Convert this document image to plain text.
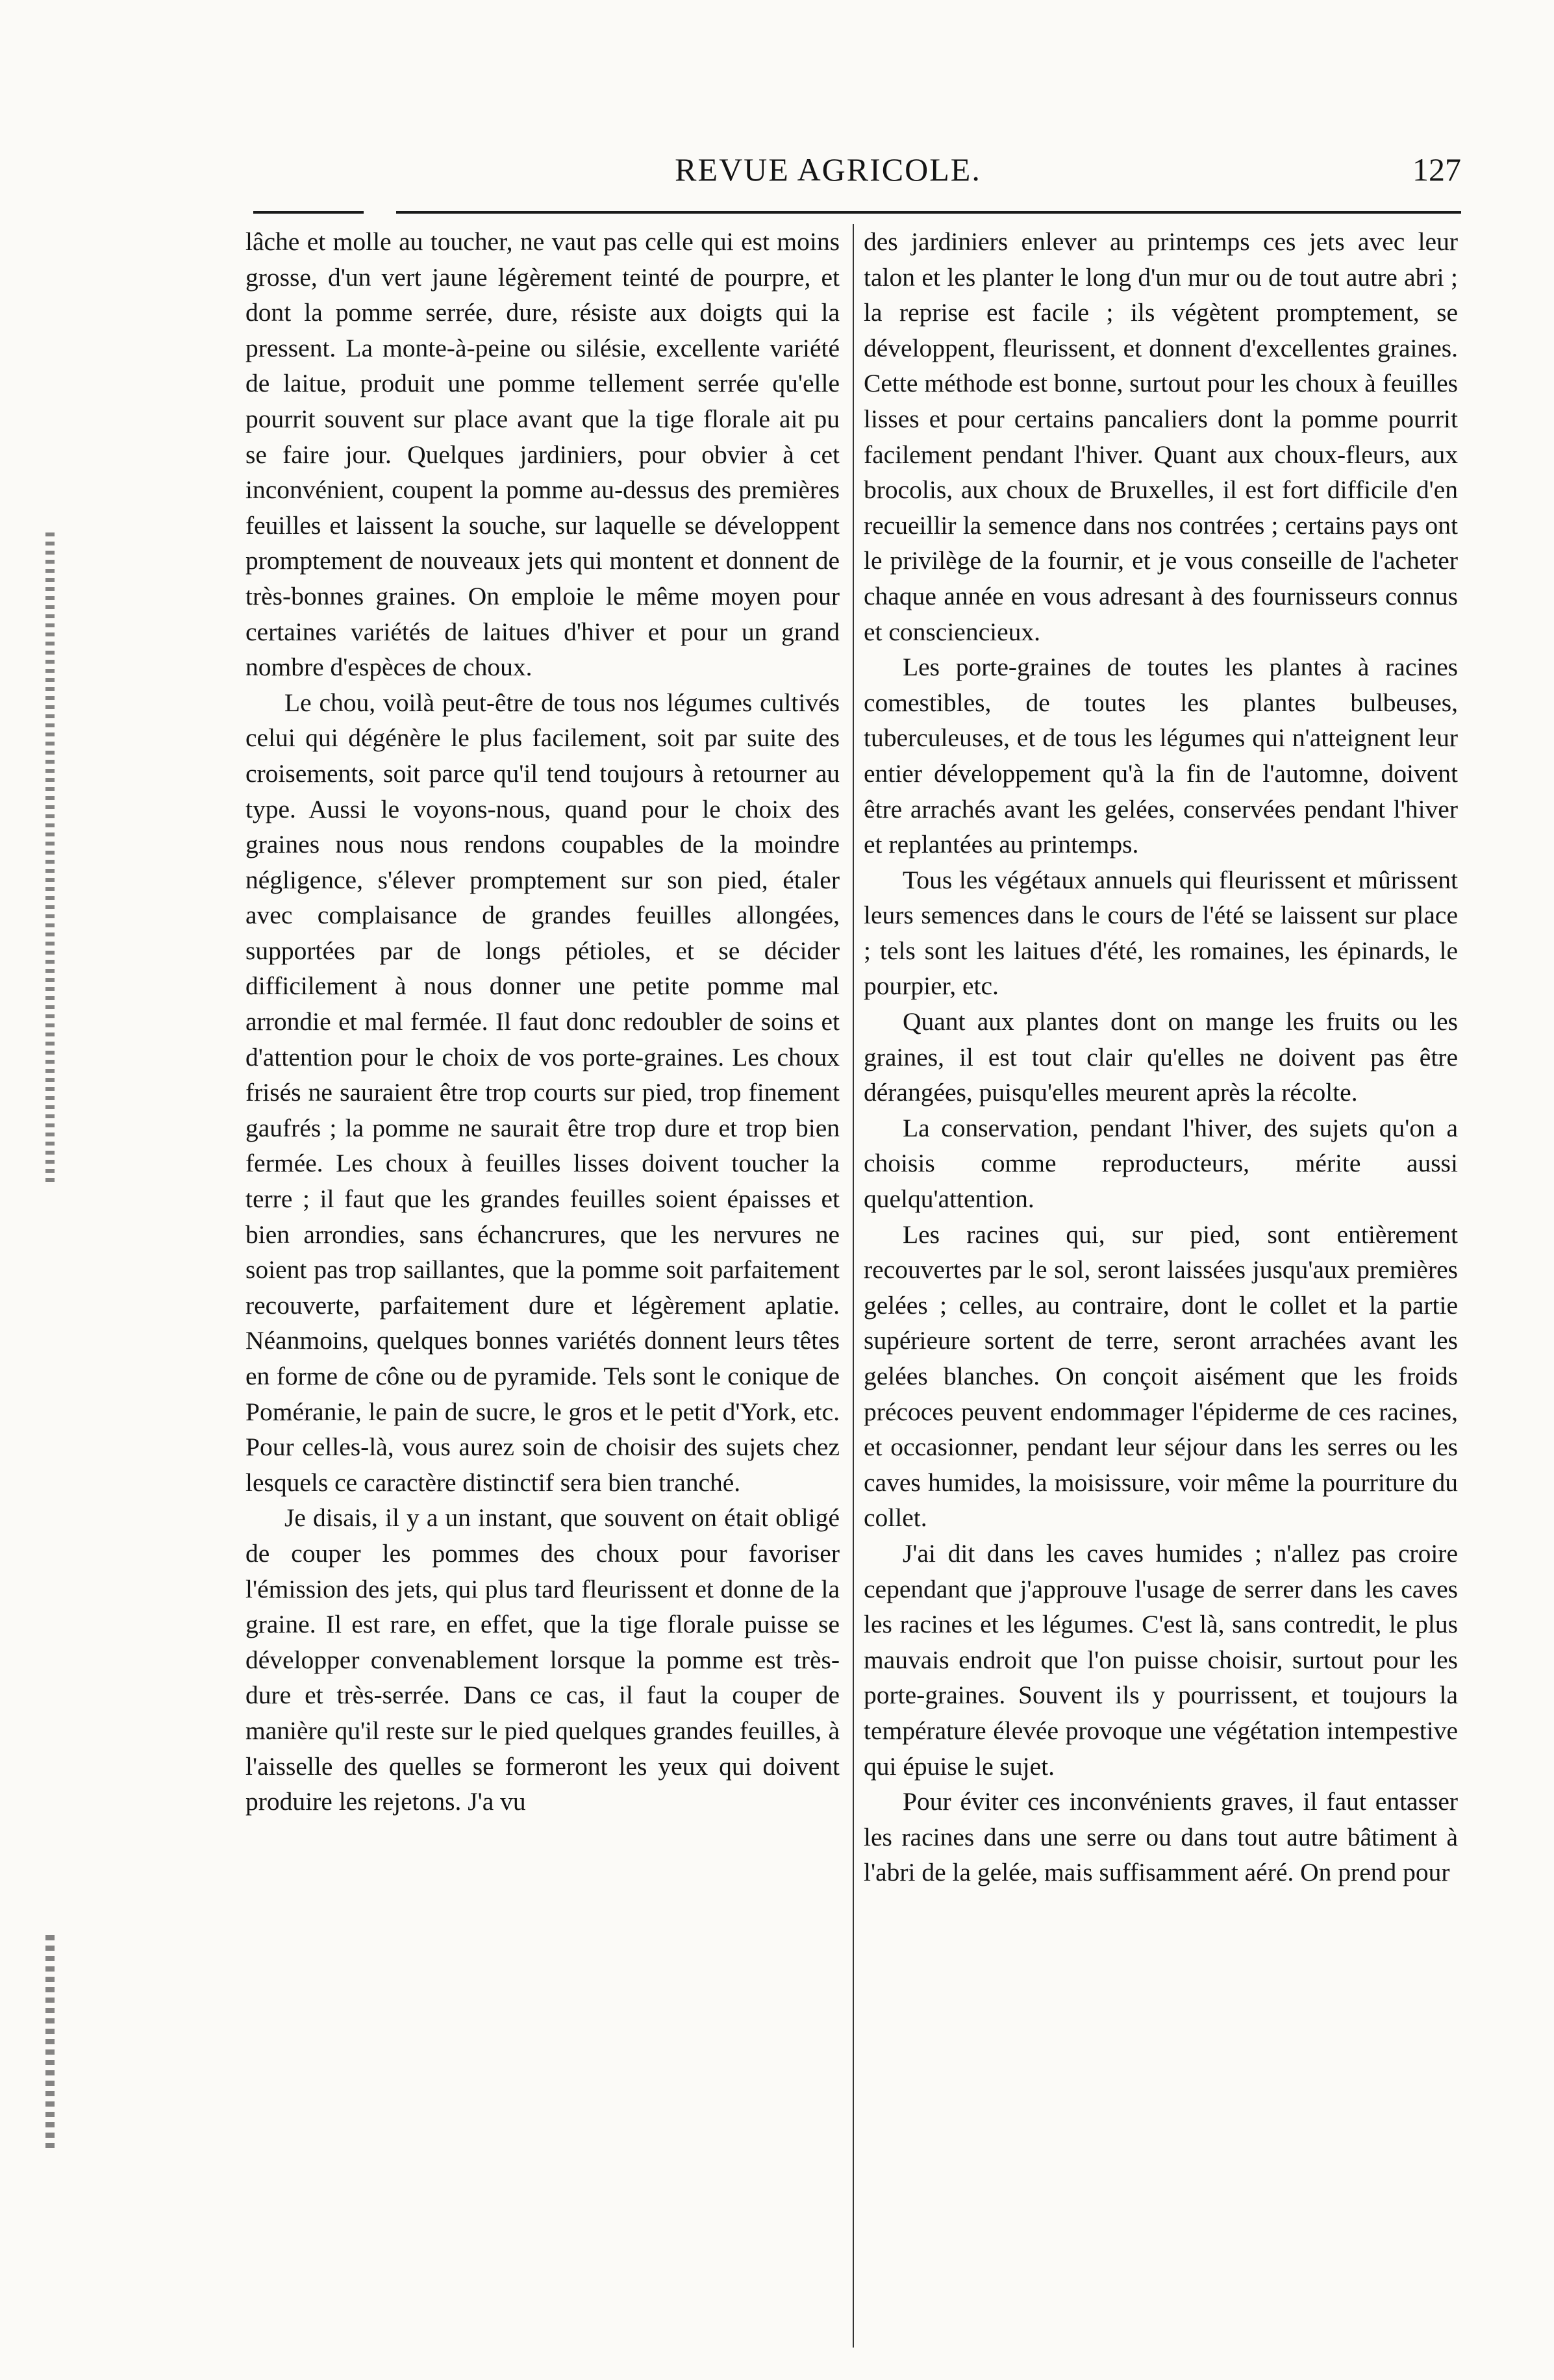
REVUE AGRICOLE.	127

lâche et molle au toucher, ne vaut pas celle qui est moins grosse, d'un vert jaune légèrement teinté de pourpre, et dont la pomme serrée, dure, résiste aux doigts qui la pressent. La monte-à-peine ou silésie, excellente variété de laitue, produit une pomme tellement serrée qu'elle pourrit souvent sur place avant que la tige florale ait pu se faire jour. Quelques jardiniers, pour obvier à cet inconvénient, coupent la pomme au-dessus des premières feuilles et laissent la souche, sur laquelle se développent promptement de nouveaux jets qui montent et donnent de très-bonnes graines. On emploie le même moyen pour certaines variétés de laitues d'hiver et pour un grand nombre d'espèces de choux.

Le chou, voilà peut-être de tous nos légumes cultivés celui qui dégénère le plus facilement, soit par suite des croisements, soit parce qu'il tend toujours à retourner au type. Aussi le voyons-nous, quand pour le choix des graines nous nous rendons coupables de la moindre négligence, s'élever promptement sur son pied, étaler avec complaisance de grandes feuilles allongées, supportées par de longs pétioles, et se décider difficilement à nous donner une petite pomme mal arrondie et mal fermée. Il faut donc redoubler de soins et d'attention pour le choix de vos porte-graines. Les choux frisés ne sauraient être trop courts sur pied, trop finement gaufrés ; la pomme ne saurait être trop dure et trop bien fermée. Les choux à feuilles lisses doivent toucher la terre ; il faut que les grandes feuilles soient épaisses et bien arrondies, sans échancrures, que les nervures ne soient pas trop saillantes, que la pomme soit parfaitement recouverte, parfaitement dure et légèrement aplatie. Néanmoins, quelques bonnes variétés donnent leurs têtes en forme de cône ou de pyramide. Tels sont le conique de Poméranie, le pain de sucre, le gros et le petit d'York, etc. Pour celles-là, vous aurez soin de choisir des sujets chez lesquels ce caractère distinctif sera bien tranché.

Je disais, il y a un instant, que souvent on était obligé de couper les pommes des choux pour favoriser l'émission des jets, qui plus tard fleurissent et donne de la graine. Il est rare, en effet, que la tige florale puisse se développer convenablement lorsque la pomme est très-dure et très-serrée. Dans ce cas, il faut la couper de manière qu'il reste sur le pied quelques grandes feuilles, à l'aisselle des quelles se formeront les yeux qui doivent produire les rejetons. J'a vu

des jardiniers enlever au printemps ces jets avec leur talon et les planter le long d'un mur ou de tout autre abri ; la reprise est facile ; ils végètent promptement, se développent, fleurissent, et donnent d'excellentes graines. Cette méthode est bonne, surtout pour les choux à feuilles lisses et pour certains pancaliers dont la pomme pourrit facilement pendant l'hiver. Quant aux choux-fleurs, aux brocolis, aux choux de Bruxelles, il est fort difficile d'en recueillir la semence dans nos contrées ; certains pays ont le privilège de la fournir, et je vous conseille de l'acheter chaque année en vous adresant à des fournisseurs connus et consciencieux.

Les porte-graines de toutes les plantes à racines comestibles, de toutes les plantes bulbeuses, tuberculeuses, et de tous les légumes qui n'atteignent leur entier développement qu'à la fin de l'automne, doivent être arrachés avant les gelées, conservées pendant l'hiver et replantées au printemps.

Tous les végétaux annuels qui fleurissent et mûrissent leurs semences dans le cours de l'été se laissent sur place ; tels sont les laitues d'été, les romaines, les épinards, le pourpier, etc.

Quant aux plantes dont on mange les fruits ou les graines, il est tout clair qu'elles ne doivent pas être dérangées, puisqu'elles meurent après la récolte.

La conservation, pendant l'hiver, des sujets qu'on a choisis comme reproducteurs, mérite aussi quelqu'attention.

Les racines qui, sur pied, sont entièrement recouvertes par le sol, seront laissées jusqu'aux premières gelées ; celles, au contraire, dont le collet et la partie supérieure sortent de terre, seront arrachées avant les gelées blanches. On conçoit aisément que les froids précoces peuvent endommager l'épiderme de ces racines, et occasionner, pendant leur séjour dans les serres ou les caves humides, la moisissure, voir même la pourriture du collet.

J'ai dit dans les caves humides ; n'allez pas croire cependant que j'approuve l'usage de serrer dans les caves les racines et les légumes. C'est là, sans contredit, le plus mauvais endroit que l'on puisse choisir, surtout pour les porte-graines. Souvent ils y pourrissent, et toujours la température élevée provoque une végétation intempestive qui épuise le sujet.

Pour éviter ces inconvénients graves, il faut entasser les racines dans une serre ou dans tout autre bâtiment à l'abri de la gelée, mais suffisamment aéré. On prend pour
